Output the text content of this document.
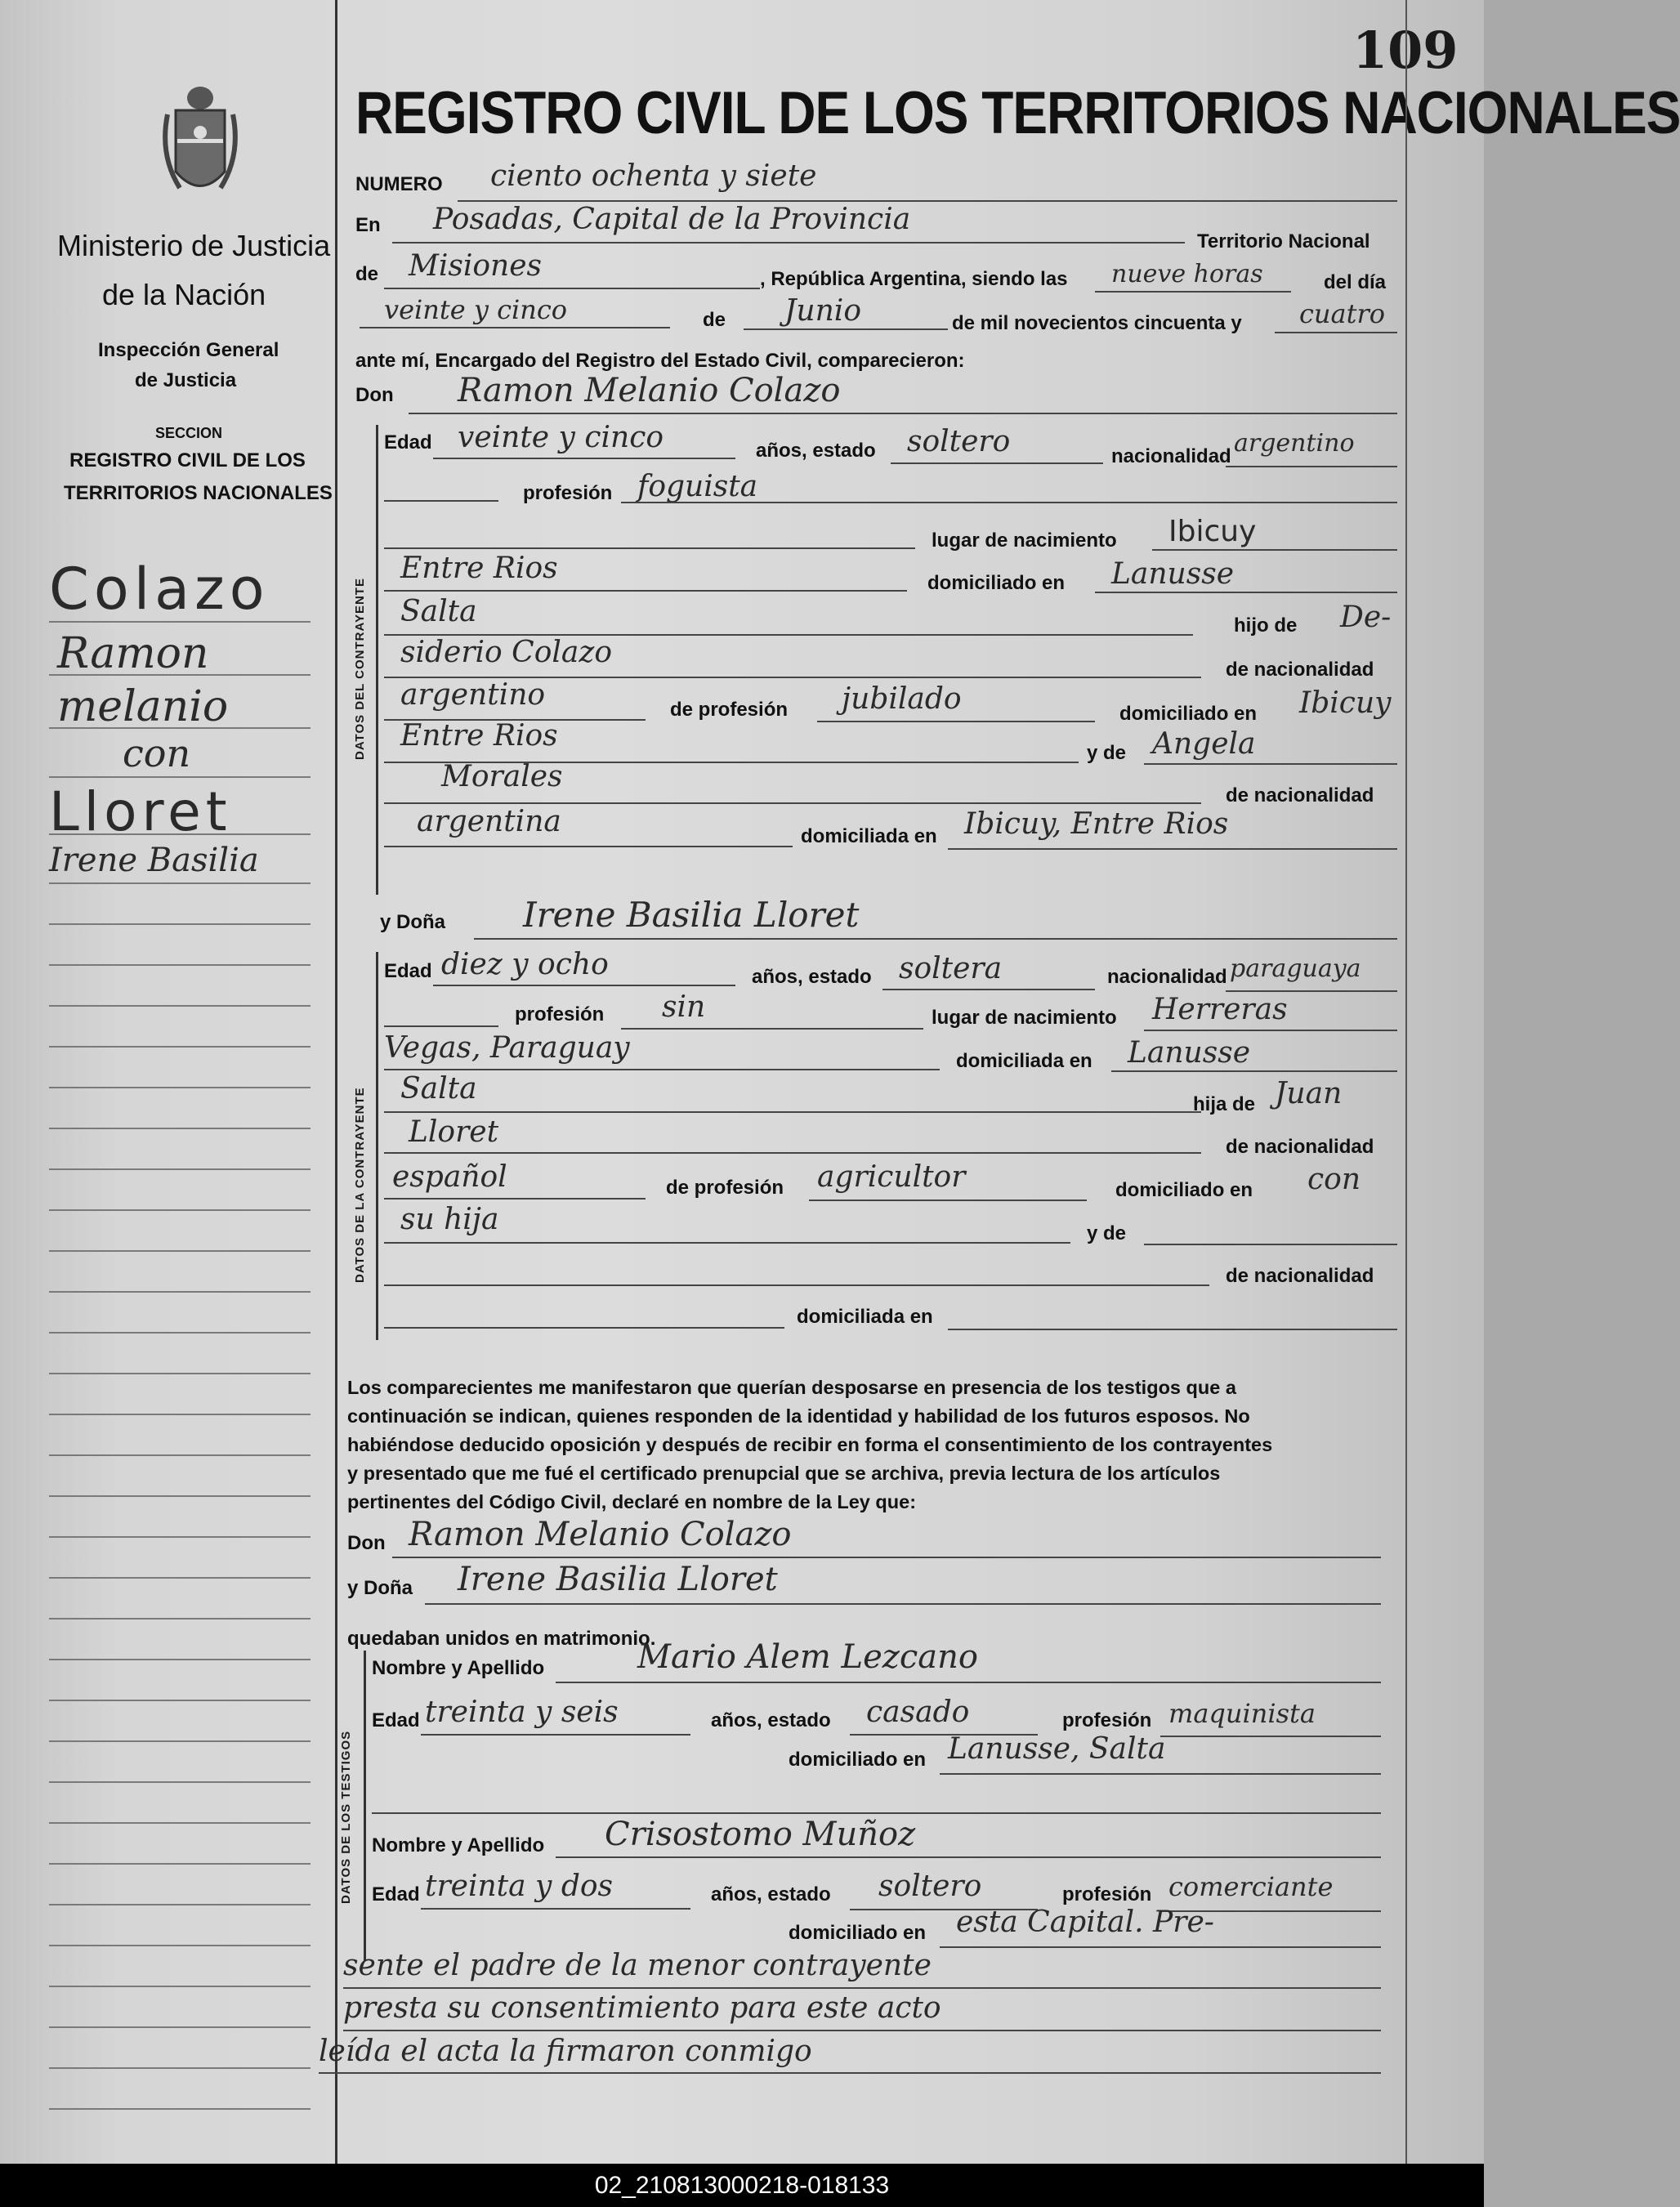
Ministerio de Justicia
de la Nación
Inspección General
de Justicia
SECCION
REGISTRO CIVIL DE LOS
TERRITORIOS NACIONALES
Colazo
Ramon
melanio
con
Lloret
Irene Basilia
109
REGISTRO CIVIL DE LOS TERRITORIOS NACIONALES
NUMERO ciento ochenta y siete
En Posadas, Capital de la Provincia
Territorio Nacional
de Misiones	, República Argentina, siendo las nueve horas	del día
veinte y cinco	de Junio	de mil novecientos cincuenta y cuatro
ante mí, Encargado del Registro del Estado Civil, comparecieron:
Don Ramon Melanio Colazo
DATOS DEL CONTRAYENTE
Edad veinte y cinco	años, estado soltero	nacionalidad argentino
profesión foguista
lugar de nacimiento Ibicuy
Entre Rios	domiciliado en Lanusse
Salta	hijo de De-
siderio Colazo
de nacionalidad
argentino	de profesión jubilado	domiciliado en Ibicuy
Entre Rios
y de Angela
Morales
de nacionalidad
argentina	domiciliada en Ibicuy, Entre Rios
y Doña Irene Basilia Lloret
DATOS DE LA CONTRAYENTE
Edad diez y ocho	años, estado soltera	nacionalidad paraguaya
profesión sin	lugar de nacimiento Herreras
Vegas, Paraguay	domiciliada en Lanusse
Salta	hija de Juan
Lloret	de nacionalidad
español	de profesión agricultor	domiciliado en con
su hija	y de
de nacionalidad
domiciliada en
Los comparecientes me manifestaron que querían desposarse en presencia de los testigos que a
continuación se indican, quienes responden de la identidad y habilidad de los futuros esposos. No
habiéndose deducido oposición y después de recibir en forma el consentimiento de los contrayentes
y presentado que me fué el certificado prenupcial que se archiva, previa lectura de los artículos
pertinentes del Código Civil, declaré en nombre de la Ley que:
Don Ramon Melanio Colazo
y Doña Irene Basilia Lloret
quedaban unidos en matrimonio.
DATOS DE LOS TESTIGOS
Nombre y Apellido	Mario Alem Lezcano
Edad treinta y seis	años, estado casado	profesión maquinista
domiciliado en Lanusse, Salta
Nombre y Apellido Crisostomo Muñoz
Edad treinta y dos	años, estado soltero	profesión comerciante
domiciliado en esta Capital. Pre-
sente el padre de la menor contrayente
presta su consentimiento para este acto
leída el acta la firmaron conmigo
02_210813000218-018133
